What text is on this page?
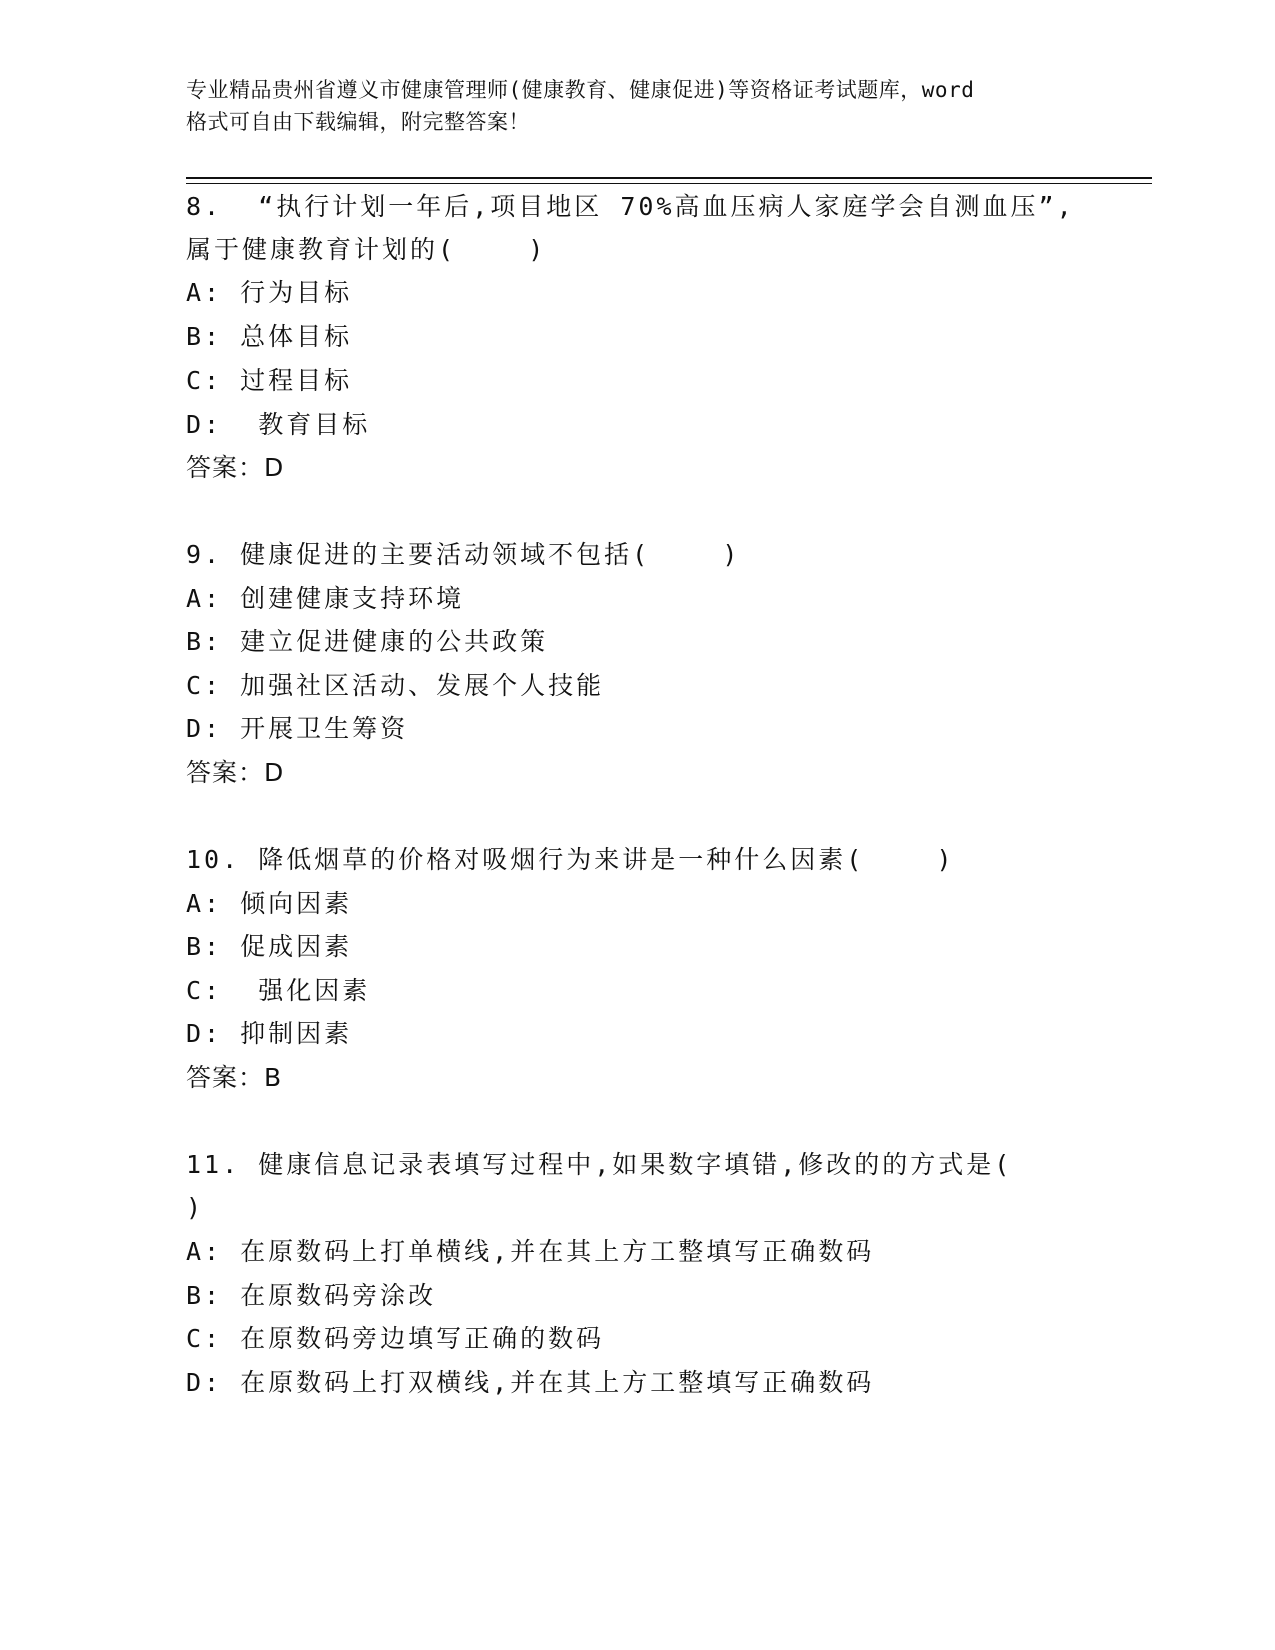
专业精品贵州省遵义市健康管理师(健康教育、健康促进)等资格证考试题库，word
格式可自由下载编辑，附完整答案！
8.  “执行计划一年后,项目地区 70%高血压病人家庭学会自测血压”,
属于健康教育计划的(    )
A: 行为目标
B: 总体目标
C: 过程目标
D:  教育目标
答案：D
9. 健康促进的主要活动领域不包括(    )
A: 创建健康支持环境
B: 建立促进健康的公共政策
C: 加强社区活动、发展个人技能
D: 开展卫生筹资
答案：D
10. 降低烟草的价格对吸烟行为来讲是一种什么因素(    )
A: 倾向因素
B: 促成因素
C:  强化因素
D: 抑制因素
答案：B
11. 健康信息记录表填写过程中,如果数字填错,修改的的方式是(
)
A: 在原数码上打单横线,并在其上方工整填写正确数码
B: 在原数码旁涂改
C: 在原数码旁边填写正确的数码
D: 在原数码上打双横线,并在其上方工整填写正确数码
